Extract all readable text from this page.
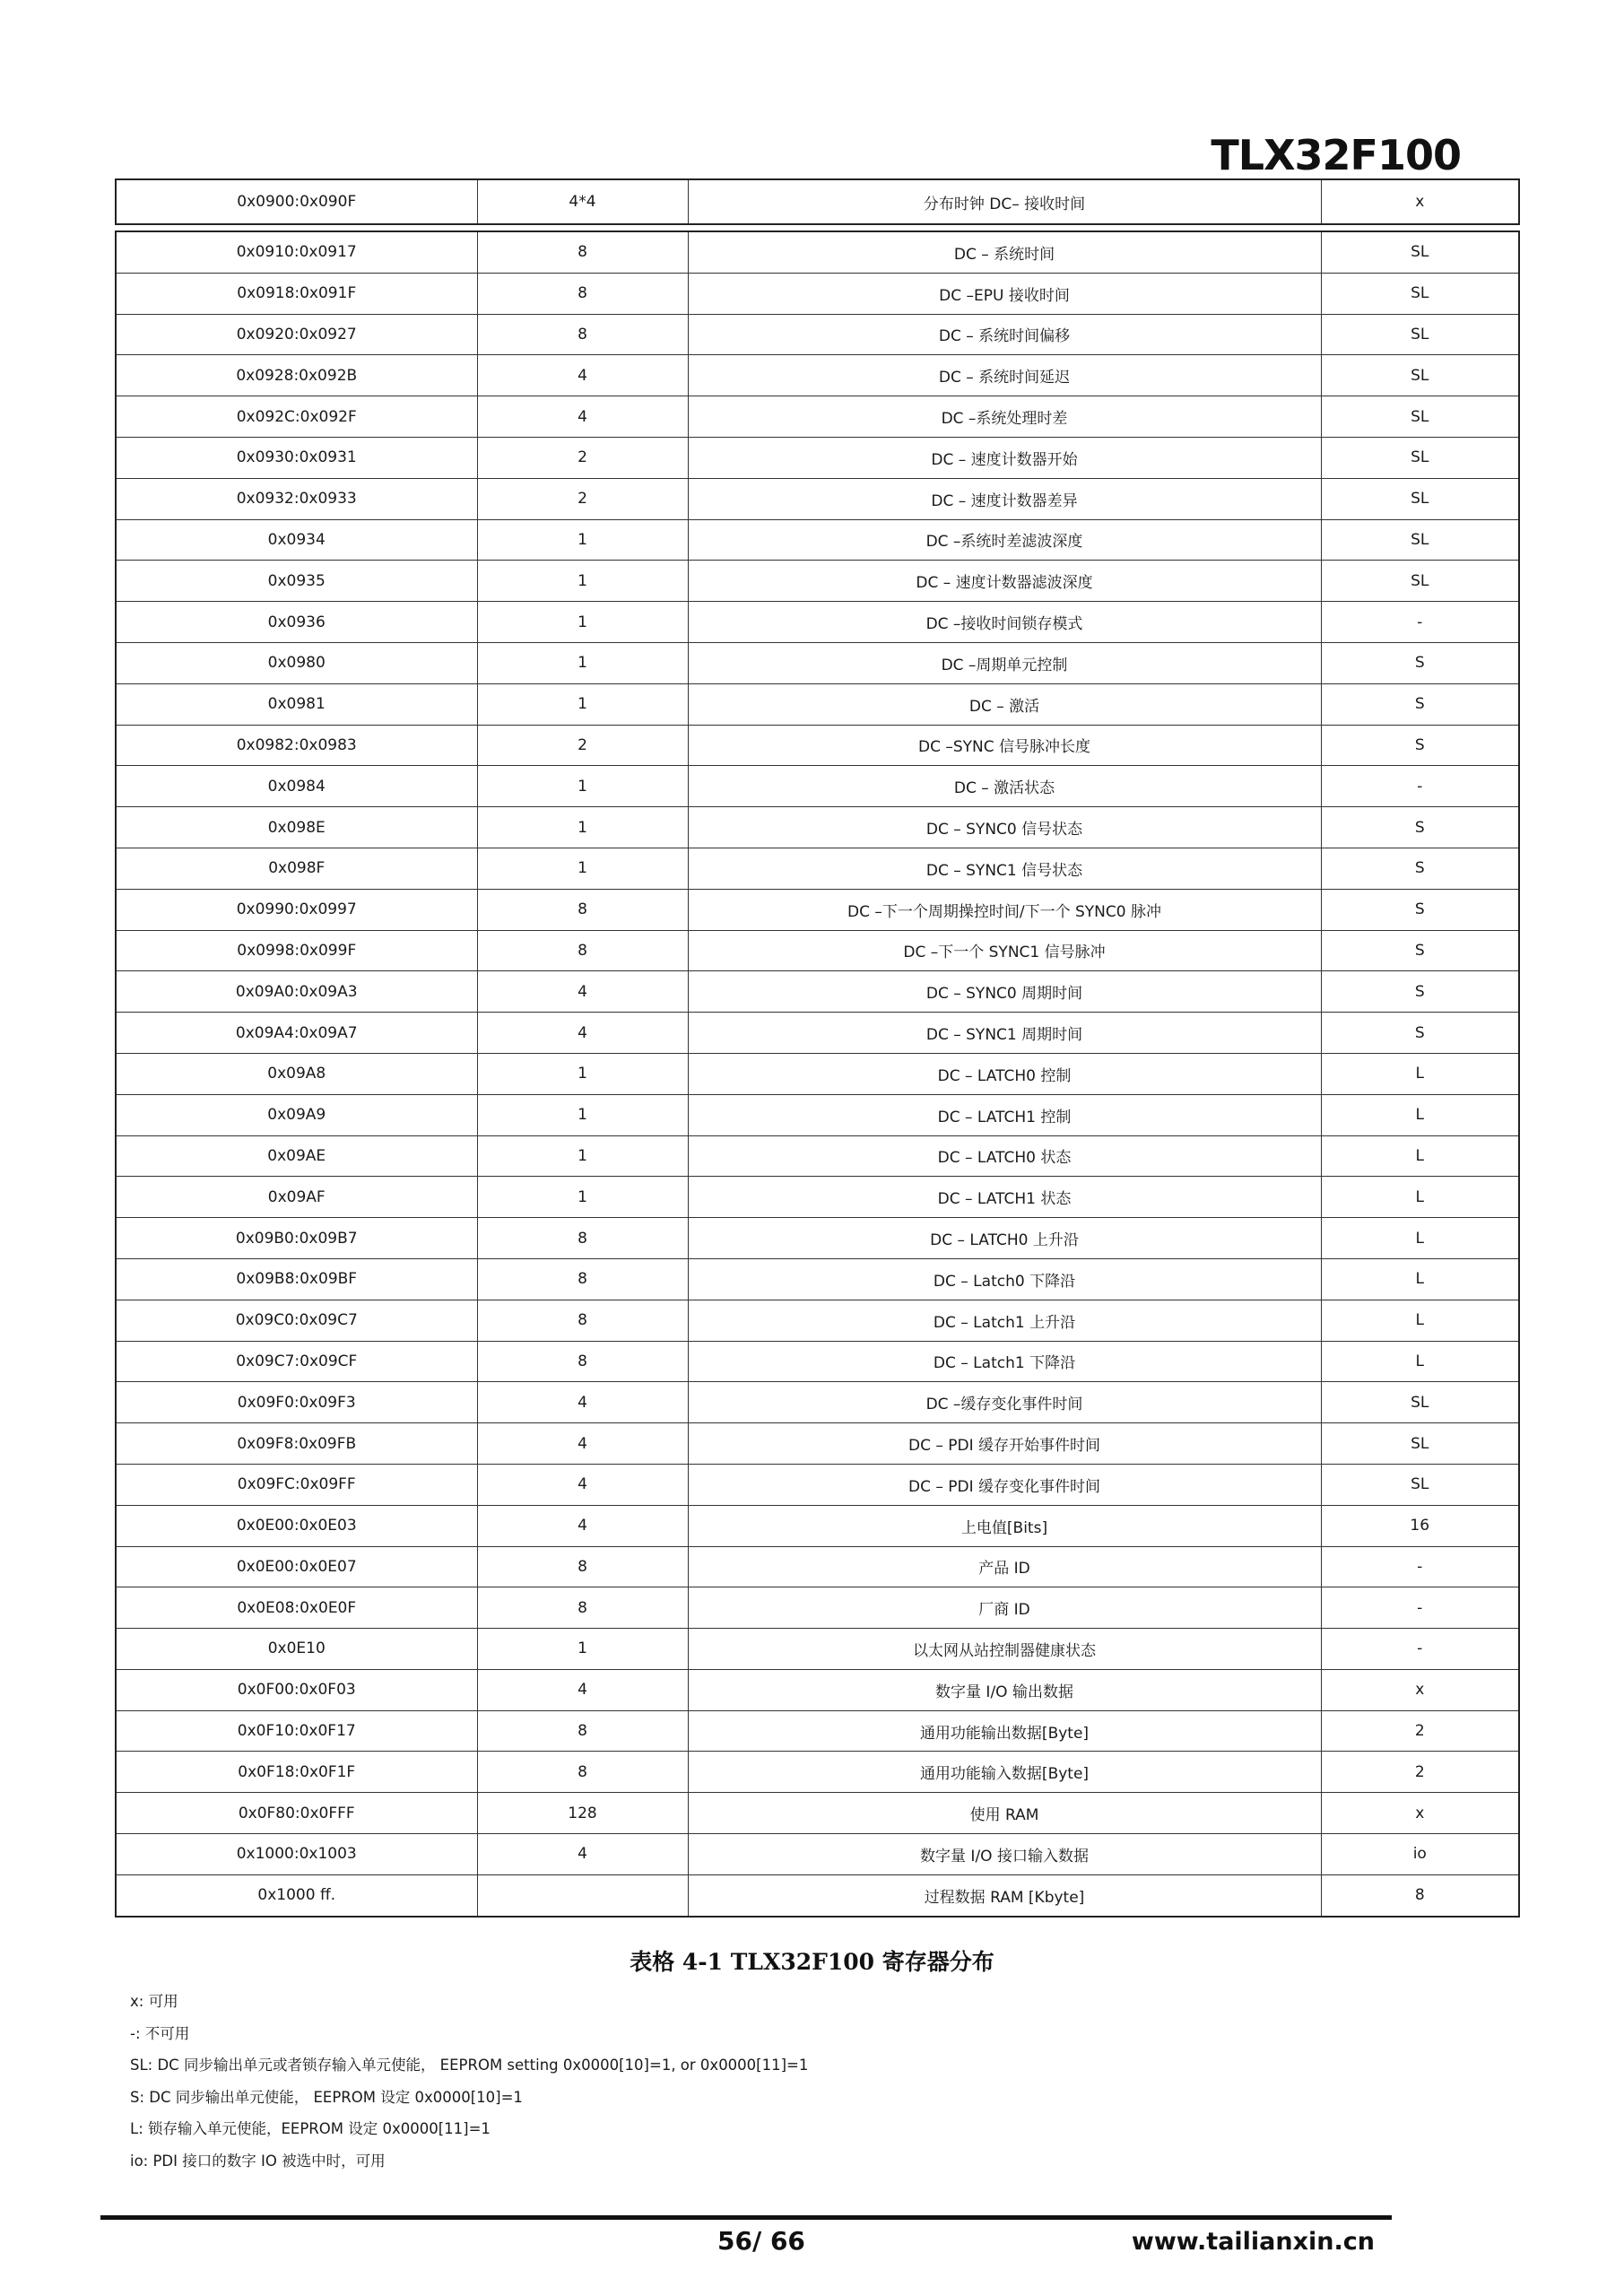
TLX32F100
0x0900:0x090F	4*4	分布时钟 DC– 接收时间	x
0x0910:0x0917	8	DC – 系统时间	SL
0x0918:0x091F	8	DC –EPU 接收时间	SL
0x0920:0x0927	8	DC – 系统时间偏移	SL
0x0928:0x092B	4	DC – 系统时间延迟	SL
0x092C:0x092F	4	DC –系统处理时差	SL
0x0930:0x0931	2	DC – 速度计数器开始	SL
0x0932:0x0933	2	DC – 速度计数器差异	SL
0x0934	1	DC –系统时差滤波深度	SL
0x0935	1	DC – 速度计数器滤波深度	SL
0x0936	1	DC –接收时间锁存模式	-
0x0980	1	DC –周期单元控制	S
0x0981	1	DC – 激活	S
0x0982:0x0983	2	DC –SYNC 信号脉冲长度	S
0x0984	1	DC – 激活状态	-
0x098E	1	DC – SYNC0 信号状态	S
0x098F	1	DC – SYNC1 信号状态	S
0x0990:0x0997	8	DC –下一个周期操控时间/下一个 SYNC0 脉冲	S
0x0998:0x099F	8	DC –下一个 SYNC1 信号脉冲	S
0x09A0:0x09A3	4	DC – SYNC0 周期时间	S
0x09A4:0x09A7	4	DC – SYNC1 周期时间	S
0x09A8	1	DC – LATCH0 控制	L
0x09A9	1	DC – LATCH1 控制	L
0x09AE	1	DC – LATCH0 状态	L
0x09AF	1	DC – LATCH1 状态	L
0x09B0:0x09B7	8	DC – LATCH0 上升沿	L
0x09B8:0x09BF	8	DC – Latch0 下降沿	L
0x09C0:0x09C7	8	DC – Latch1 上升沿	L
0x09C7:0x09CF	8	DC – Latch1 下降沿	L
0x09F0:0x09F3	4	DC –缓存变化事件时间	SL
0x09F8:0x09FB	4	DC – PDI 缓存开始事件时间	SL
0x09FC:0x09FF	4	DC – PDI 缓存变化事件时间	SL
0x0E00:0x0E03	4	上电值[Bits]	16
0x0E00:0x0E07	8	产品 ID	-
0x0E08:0x0E0F	8	厂商 ID	-
0x0E10	1	以太网从站控制器健康状态	-
0x0F00:0x0F03	4	数字量 I/O 输出数据	x
0x0F10:0x0F17	8	通用功能输出数据[Byte]	2
0x0F18:0x0F1F	8	通用功能输入数据[Byte]	2
0x0F80:0x0FFF	128	使用 RAM	x
0x1000:0x1003	4	数字量 I/O 接口输入数据	io
0x1000 ff.		过程数据 RAM [Kbyte]	8
表格 4-1 TLX32F100 寄存器分布
x: 可用
-: 不可用
SL: DC 同步输出单元或者锁存输入单元使能， EEPROM setting 0x0000[10]=1, or 0x0000[11]=1
S: DC 同步输出单元使能， EEPROM 设定 0x0000[10]=1
L: 锁存输入单元使能，EEPROM 设定 0x0000[11]=1
io: PDI 接口的数字 IO 被选中时，可用
56/ 66	www.tailianxin.cn
